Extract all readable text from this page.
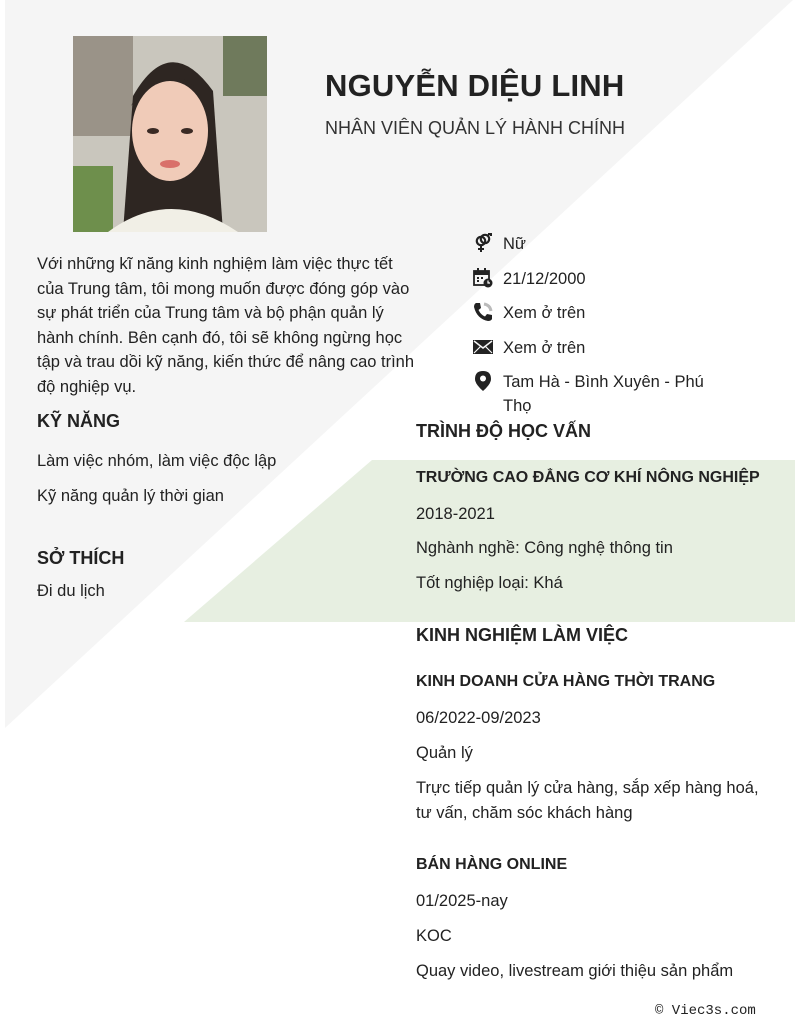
NGUYỄN DIỆU LINH
NHÂN VIÊN QUẢN LÝ HÀNH CHÍNH
Với những kĩ năng kinh nghiệm làm việc thực tết của Trung tâm, tôi mong muốn được đóng góp vào sự phát triển của Trung tâm và bộ phận quản lý hành chính. Bên cạnh đó, tôi sẽ không ngừng học tập và trau dồi kỹ năng, kiến thức để nâng cao trình độ nghiệp vụ.
Nữ
21/12/2000
Xem ở trên
Xem ở trên
Tam Hà - Bình Xuyên - Phú Thọ
KỸ NĂNG
Làm việc nhóm, làm việc độc lập
Kỹ năng quản lý thời gian
SỞ THÍCH
Đi du lịch
TRÌNH ĐỘ HỌC VẤN
TRƯỜNG CAO ĐẲNG CƠ KHÍ NÔNG NGHIỆP
2018-2021
Nghành nghề: Công nghệ thông tin
Tốt nghiệp loại: Khá
KINH NGHIỆM LÀM VIỆC
KINH DOANH CỬA HÀNG THỜI TRANG
06/2022-09/2023
Quản lý
Trực tiếp quản lý cửa hàng, sắp xếp hàng hoá, tư vấn, chăm sóc khách hàng
BÁN HÀNG ONLINE
01/2025-nay
KOC
Quay video, livestream giới thiệu sản phẩm
© Viec3s.com
